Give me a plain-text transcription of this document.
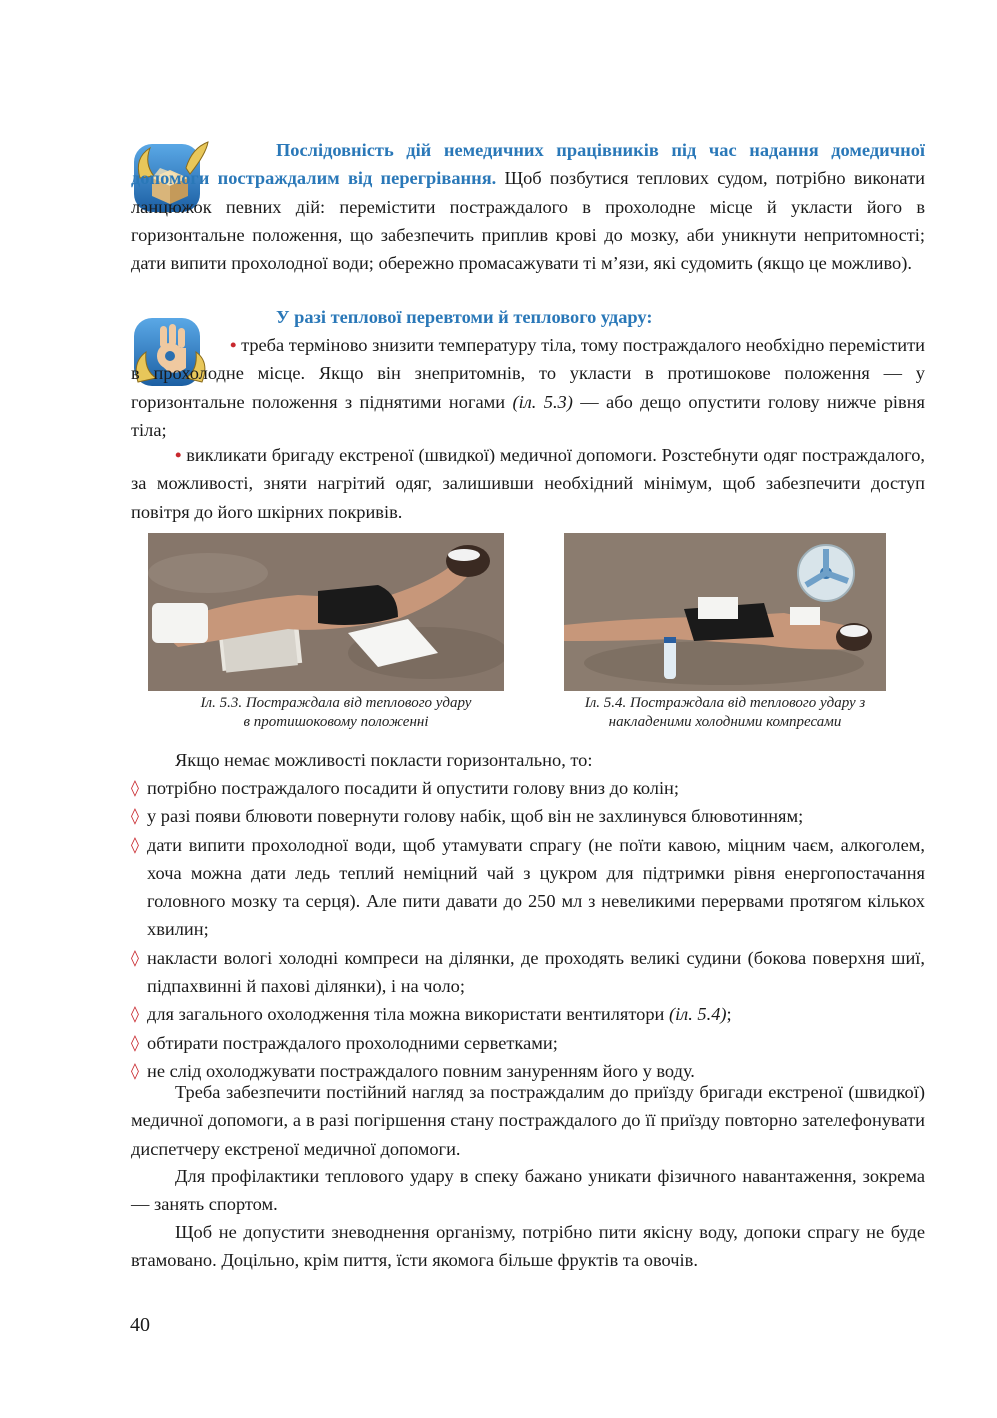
Послідовність дій немедичних працівників під час надання домедичної допомоги постраждалим від перегрівання. Щоб позбутися теплових судом, потрібно виконати ланцюжок певних дій: перемістити постраждалого в прохолодне місце й укласти його в горизонтальне положення, що забезпечить приплив крові до мозку, аби уникнути непритомності; дати випити прохолодної води; обережно промасажувати ті м’язи, які судомить (якщо це можливо).

У разі теплової перевтоми й теплового удару:

• треба терміново знизити температуру тіла, тому постраждалого необхідно перемістити в прохолодне місце. Якщо він знепритомнів, то укласти в протишокове положення — у горизонтальне положення з піднятими ногами (іл. 5.3) — або дещо опустити голову нижче рівня тіла;

• викликати бригаду екстреної (швидкої) медичної допомоги. Розстебнути одяг постраждалого, за можливості, зняти нагрітий одяг, залишивши необхідний мінімум, щоб забезпечити доступ повітря до його шкірних покривів.

Іл. 5.3. Постраждала від теплового удару
в протишоковому положенні
Іл. 5.4. Постраждала від теплового удару з
накладеними холодними компресами

Якщо немає можливості покласти горизонтально, то:

◊ потрібно постраждалого посадити й опустити голову вниз до колін;
◊ у разі появи блювоти повернути голову набік, щоб він не захлинувся блювотинням;
◊ дати випити прохолодної води, щоб утамувати спрагу (не поїти кавою, міцним чаєм, алкоголем, хоча можна дати ледь теплий неміцний чай з цукром для підтримки рівня енергопостачання головного мозку та серця). Але пити давати до 250 мл з невеликими перервами протягом кількох хвилин;
◊ накласти вологі холодні компреси на ділянки, де проходять великі судини (бокова поверхня шиї, підпахвинні й пахові ділянки), і на чоло;
◊ для загального охолодження тіла можна використати вентилятори (іл. 5.4);
◊ обтирати постраждалого прохолодними серветками;
◊ не слід охолоджувати постраждалого повним зануренням його у воду.

Треба забезпечити постійний нагляд за постраждалим до приїзду бригади екстреної (швидкої) медичної допомоги, а в разі погіршення стану постраждалого до її приїзду повторно зателефонувати диспетчеру екстреної медичної допомоги.

Для профілактики теплового удару в спеку бажано уникати фізичного навантаження, зокрема — занять спортом.

Щоб не допустити зневоднення організму, потрібно пити якісну воду, допоки спрагу не буде втамовано. Доцільно, крім пиття, їсти якомога більше фруктів та овочів.

40
